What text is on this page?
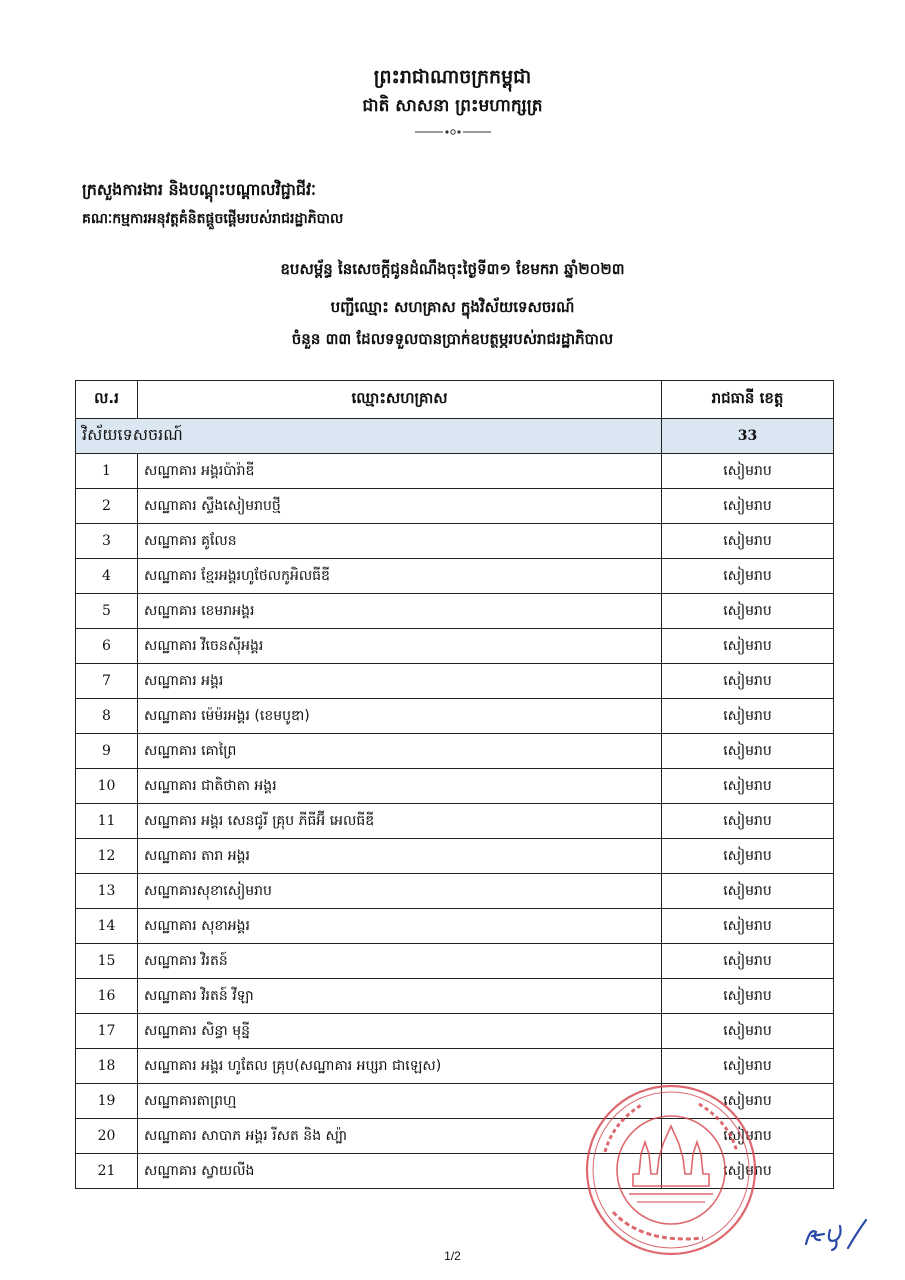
ព្រះរាជាណាចក្រកម្ពុជា
ជាតិ សាសនា ព្រះមហាក្សត្រ
ក្រសួងការងារ និងបណ្តុះបណ្តាលវិជ្ជាជីវៈ
គណៈកម្មការអនុវត្តគំនិតផ្តួចផ្តើមរបស់រាជរដ្ឋាភិបាល
ឧបសម្ព័ន្ធ នៃសេចក្តីជូនដំណឹងចុះថ្ងៃទី៣១ ខែមករា ឆ្នាំ២០២៣
បញ្ជីឈ្មោះ សហគ្រាស ក្នុងវិស័យទេសចរណ៍
ចំនួន ៣៣ ដែលទទួលបានប្រាក់ឧបត្ថម្ភរបស់រាជរដ្ឋាភិបាល
ល.រ	ឈ្មោះសហគ្រាស	រាជធានី ខេត្ត
វិស័យទេសចរណ៍		33
1	សណ្ឋាគារ អង្គរប៉ារ៉ាឌី	សៀមរាប
2	សណ្ឋាគារ ស្ទឹងសៀមរាបថ្មី	សៀមរាប
3	សណ្ឋាគារ គូលែន	សៀមរាប
4	សណ្ឋាគារ ខ្មែរអង្គរហូថែលកូអិលធីឌី	សៀមរាប
5	សណ្ឋាគារ ខេមរាអង្គរ	សៀមរាប
6	សណ្ឋាគារ វីចេនស៊ីអង្គរ	សៀមរាប
7	សណ្ឋាគារ អង្គរ	សៀមរាប
8	សណ្ឋាគារ ម៉េម៉រអង្គរ (ខេមបូឌា)	សៀមរាប
9	សណ្ឋាគារ គោព្រៃ	សៀមរាប
10	សណ្ឋាគារ ជាតិថាតា អង្គរ	សៀមរាប
11	សណ្ឋាគារ អង្គរ សេនជូរី គ្រុប ភីធីអ៊ី អេលធីឌី	សៀមរាប
12	សណ្ឋាគារ តារា អង្គរ	សៀមរាប
13	សណ្ឋាគារសុខាសៀមរាប	សៀមរាប
14	សណ្ឋាគារ សុខាអង្គរ	សៀមរាប
15	សណ្ឋាគារ វិរតន៍	សៀមរាប
16	សណ្ឋាគារ វិរតន៍ វីឡា	សៀមរាប
17	សណ្ឋាគារ សិន្ធា មុន្នី	សៀមរាប
18	សណ្ឋាគារ អង្គរ ហូតែល គ្រុប(សណ្ឋាគារ អប្សរា ជាឡេស)	សៀមរាប
19	សណ្ឋាគារតាព្រហ្ម	សៀមរាប
20	សណ្ឋាគារ សាបាភ អង្គរ រីសត និង ស្ប៉ា	សៀមរាប
21	សណ្ឋាគារ ស្វាយលីង	សៀមរាប
1/2
